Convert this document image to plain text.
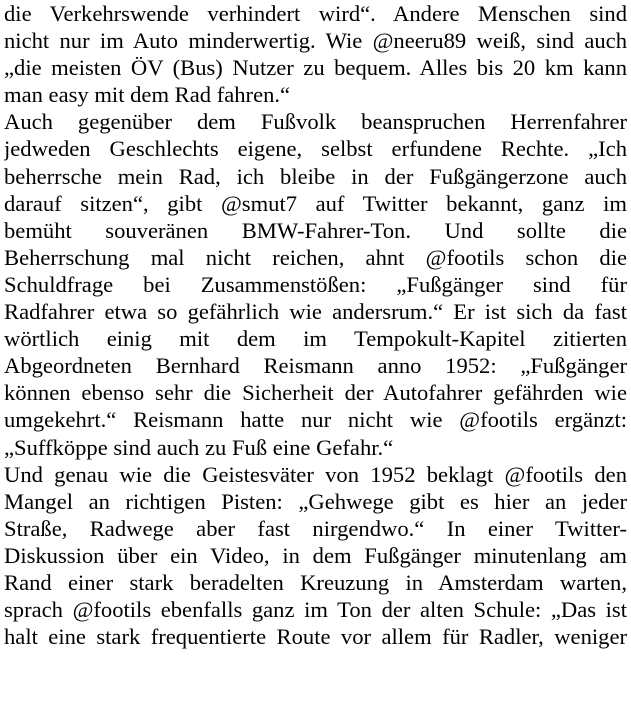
die Verkehrswende verhindert wird“. Andere Menschen sind
nicht nur im Auto minderwertig. Wie @neeru89 weiß, sind auch
„die meisten ÖV (Bus) Nutzer zu bequem. Alles bis 20 km kann
man easy mit dem Rad fahren.“

Auch gegenüber dem Fußvolk beanspruchen Herrenfahrer
jedweden Geschlechts eigene, selbst erfundene Rechte. „Ich
beherrsche mein Rad, ich bleibe in der Fußgängerzone auch
darauf sitzen“, gibt @smut7 auf Twitter bekannt, ganz im
bemüht souveränen BMW-Fahrer-Ton. Und sollte die
Beherrschung mal nicht reichen, ahnt @footils schon die
Schuldfrage bei Zusammenstößen: „Fußgänger sind für
Radfahrer etwa so gefährlich wie andersrum.“ Er ist sich da fast
wörtlich einig mit dem im Tempokult-Kapitel zitierten
Abgeordneten Bernhard Reismann anno 1952: „Fußgänger
können ebenso sehr die Sicherheit der Autofahrer gefährden wie
umgekehrt.“ Reismann hatte nur nicht wie @footils ergänzt:
„Suffköppe sind auch zu Fuß eine Gefahr.“

Und genau wie die Geistesväter von 1952 beklagt @footils den
Mangel an richtigen Pisten: „Gehwege gibt es hier an jeder
Straße, Radwege aber fast nirgendwo.“ In einer Twitter-
Diskussion über ein Video, in dem Fußgänger minutenlang am
Rand einer stark beradelten Kreuzung in Amsterdam warten,
sprach @footils ebenfalls ganz im Ton der alten Schule: „Das ist
halt eine stark frequentierte Route vor allem für Radler, weniger
